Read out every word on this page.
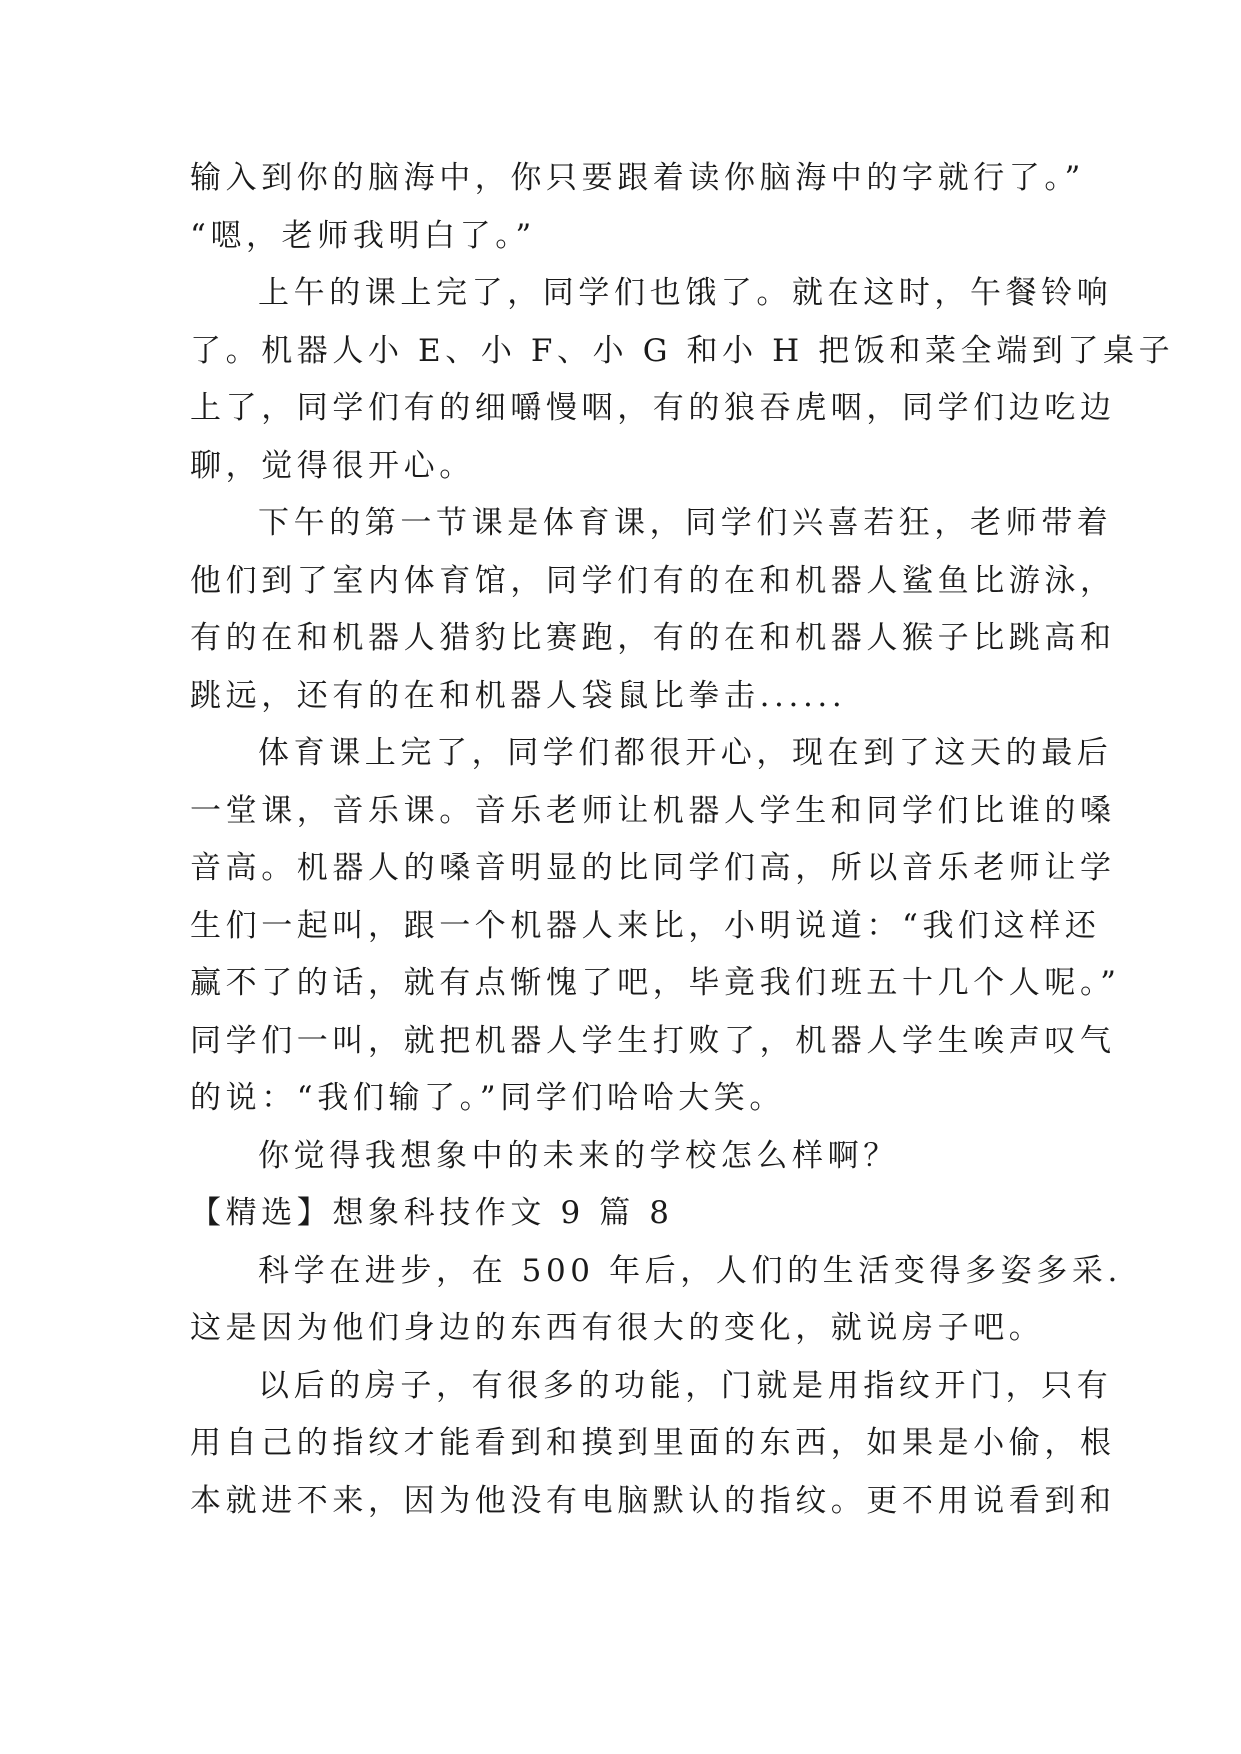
输入到你的脑海中，你只要跟着读你脑海中的字就行了。”
“嗯，老师我明白了。”
上午的课上完了，同学们也饿了。就在这时，午餐铃响
了。机器人小 E、小 F、小 G 和小 H 把饭和菜全端到了桌子
上了，同学们有的细嚼慢咽，有的狼吞虎咽，同学们边吃边
聊，觉得很开心。
下午的第一节课是体育课，同学们兴喜若狂，老师带着
他们到了室内体育馆，同学们有的在和机器人鲨鱼比游泳，
有的在和机器人猎豹比赛跑，有的在和机器人猴子比跳高和
跳远，还有的在和机器人袋鼠比拳击......
体育课上完了，同学们都很开心，现在到了这天的最后
一堂课，音乐课。音乐老师让机器人学生和同学们比谁的嗓
音高。机器人的嗓音明显的比同学们高，所以音乐老师让学
生们一起叫，跟一个机器人来比，小明说道：“我们这样还
赢不了的话，就有点惭愧了吧，毕竟我们班五十几个人呢。”
同学们一叫，就把机器人学生打败了，机器人学生唉声叹气
的说：“我们输了。”同学们哈哈大笑。
你觉得我想象中的未来的学校怎么样啊？
【精选】想象科技作文 9 篇 8
科学在进步，在 500 年后，人们的生活变得多姿多采.
这是因为他们身边的东西有很大的变化，就说房子吧。
以后的房子，有很多的功能，门就是用指纹开门，只有
用自己的指纹才能看到和摸到里面的东西，如果是小偷，根
本就进不来，因为他没有电脑默认的指纹。更不用说看到和
